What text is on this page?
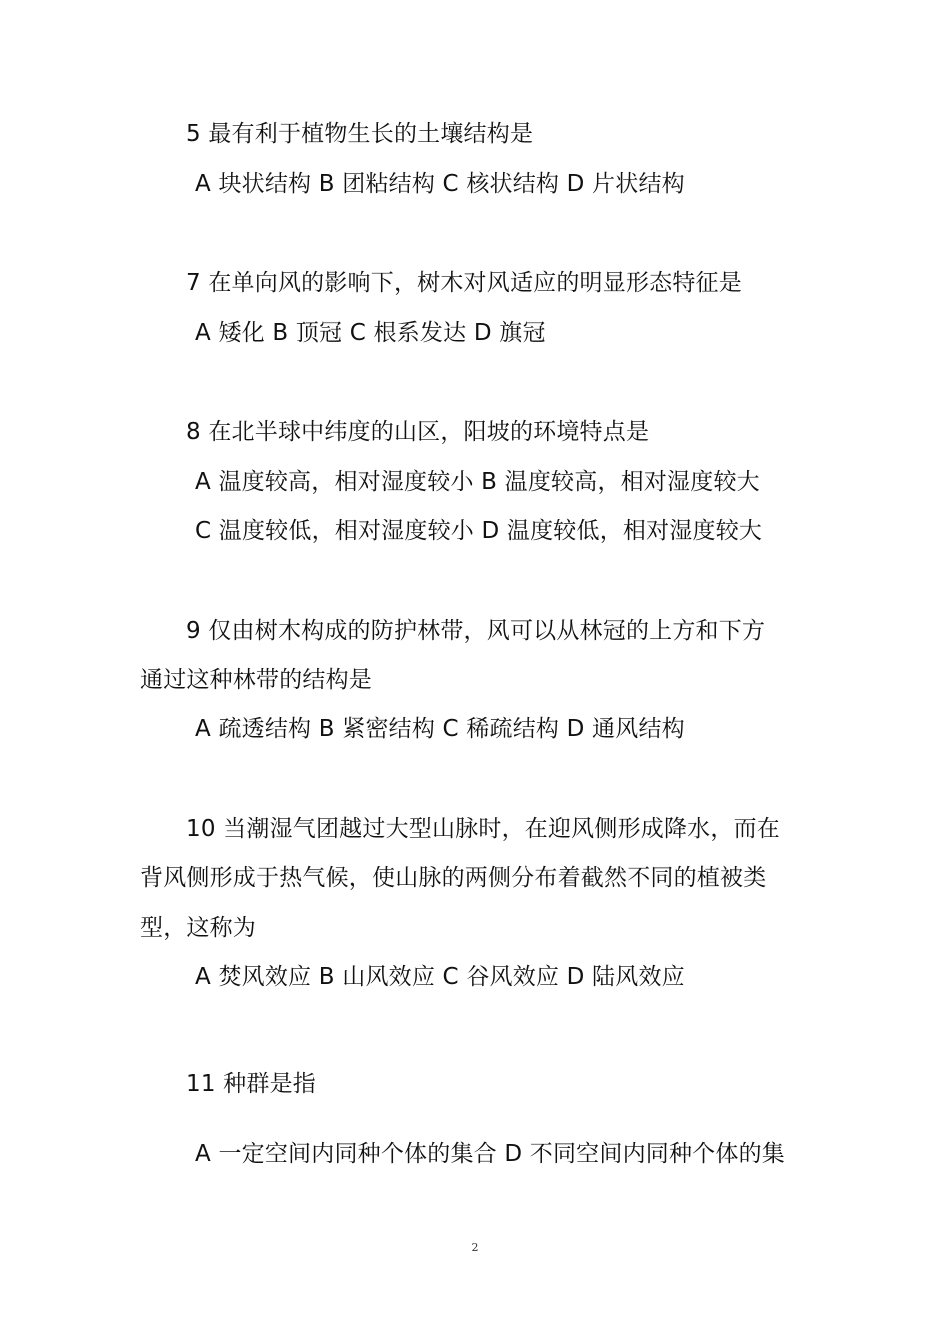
5 最有利于植物生长的土壤结构是
A 块状结构 B 团粘结构 C 核状结构 D 片状结构
7 在单向风的影响下，树木对风适应的明显形态特征是
A 矮化 B 顶冠 C 根系发达 D 旗冠
8 在北半球中纬度的山区，阳坡的环境特点是
A 温度较高，相对湿度较小 B 温度较高，相对湿度较大
C 温度较低，相对湿度较小 D 温度较低，相对湿度较大
9 仅由树木构成的防护林带，风可以从林冠的上方和下方
通过这种林带的结构是
A 疏透结构 B 紧密结构 C 稀疏结构 D 通风结构
10 当潮湿气团越过大型山脉时，在迎风侧形成降水，而在
背风侧形成于热气候，使山脉的两侧分布着截然不同的植被类
型，这称为
A 焚风效应 B 山风效应 C 谷风效应 D 陆风效应
11 种群是指
A 一定空间内同种个体的集合 D 不同空间内同种个体的集
2
